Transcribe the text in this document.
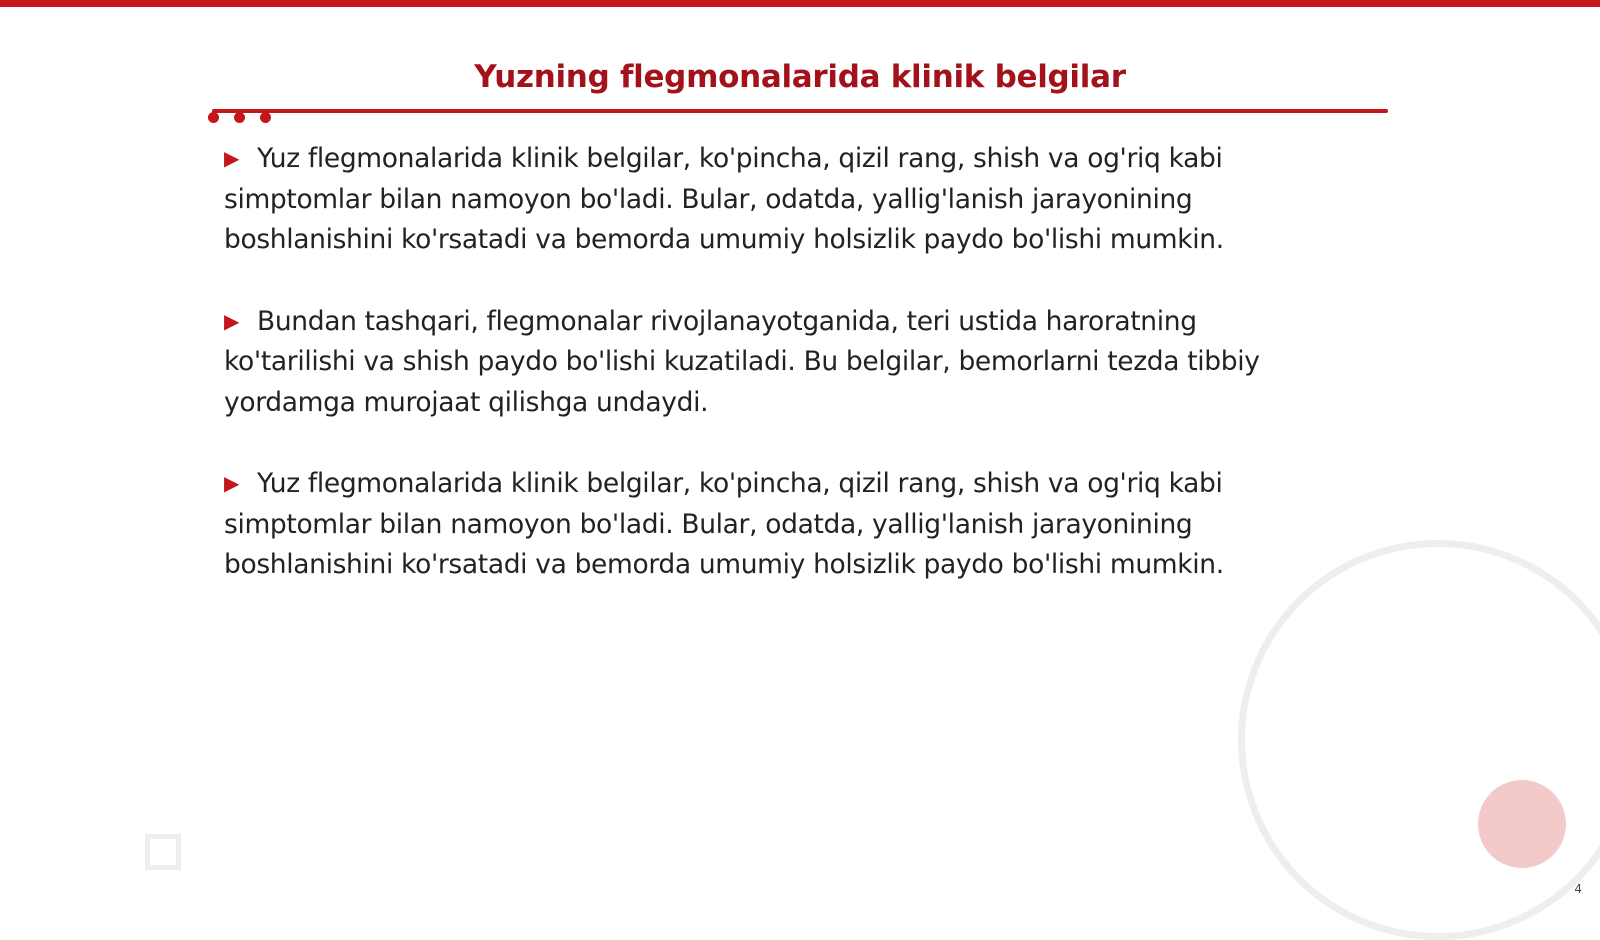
Yuzning flegmonalarida klinik belgilar

▶ Yuz flegmonalarida klinik belgilar, ko'pincha, qizil rang, shish va og'riq kabi simptomlar bilan namoyon bo'ladi. Bular, odatda, yallig'lanish jarayonining boshlanishini ko'rsatadi va bemorda umumiy holsizlik paydo bo'lishi mumkin.

▶ Bundan tashqari, flegmonalar rivojlanayotganida, teri ustida haroratning ko'tarilishi va shish paydo bo'lishi kuzatiladi. Bu belgilar, bemorlarni tezda tibbiy yordamga murojaat qilishga undaydi.

▶ Yuz flegmonalarida klinik belgilar, ko'pincha, qizil rang, shish va og'riq kabi simptomlar bilan namoyon bo'ladi. Bular, odatda, yallig'lanish jarayonining boshlanishini ko'rsatadi va bemorda umumiy holsizlik paydo bo'lishi mumkin.

4
